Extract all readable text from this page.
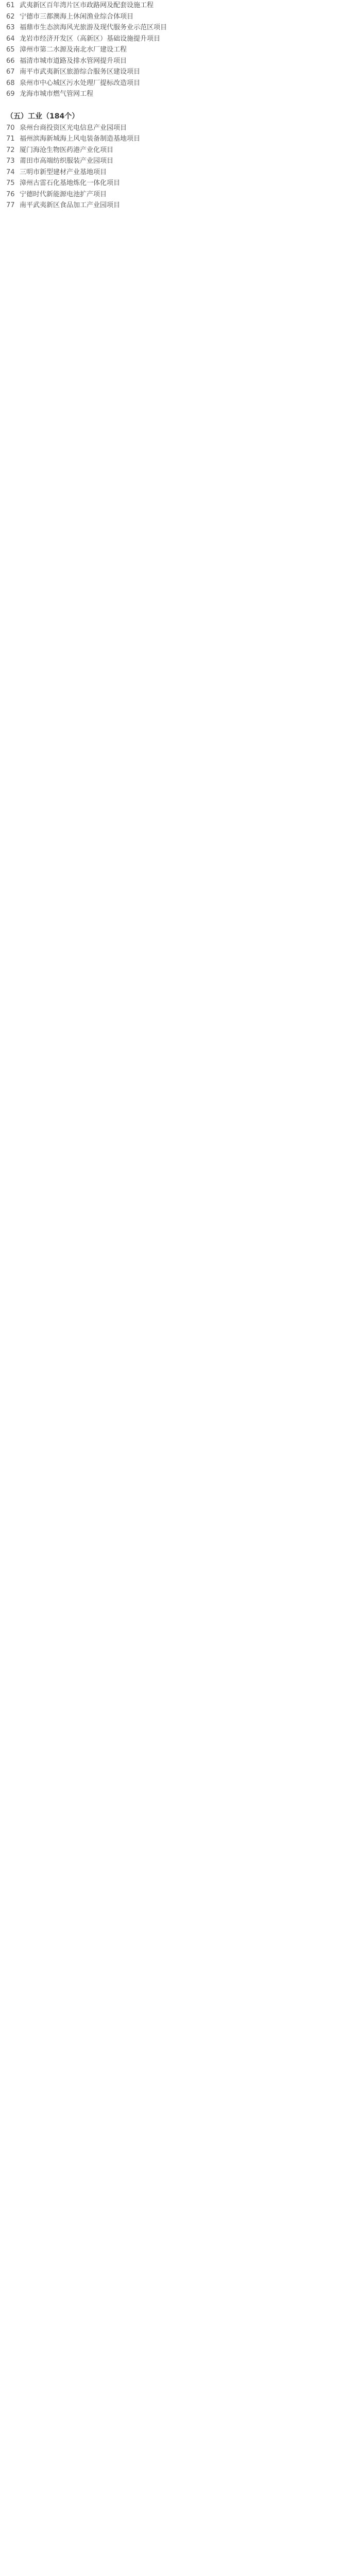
61 武夷新区百年湾片区市政路网及配套设施工程
62 宁德市三都澳海上休闲渔业综合体项目
63 福鼎市生态滨海风光旅游及现代服务业示范区项目
64 龙岩市经济开发区（高新区）基础设施提升项目
65 漳州市第二水源及南北水厂建设工程
66 福清市城市道路及排水管网提升项目
67 南平市武夷新区旅游综合服务区建设项目
68 泉州市中心城区污水处理厂提标改造项目
69 龙海市城市燃气管网工程
（五）工业（184个）
70 泉州台商投资区光电信息产业园项目
71 福州滨海新城海上风电装备制造基地项目
72 厦门海沧生物医药港产业化项目
73 莆田市高端纺织服装产业园项目
74 三明市新型建材产业基地项目
75 漳州古雷石化基地炼化一体化项目
76 宁德时代新能源电池扩产项目
77 南平武夷新区食品加工产业园项目
